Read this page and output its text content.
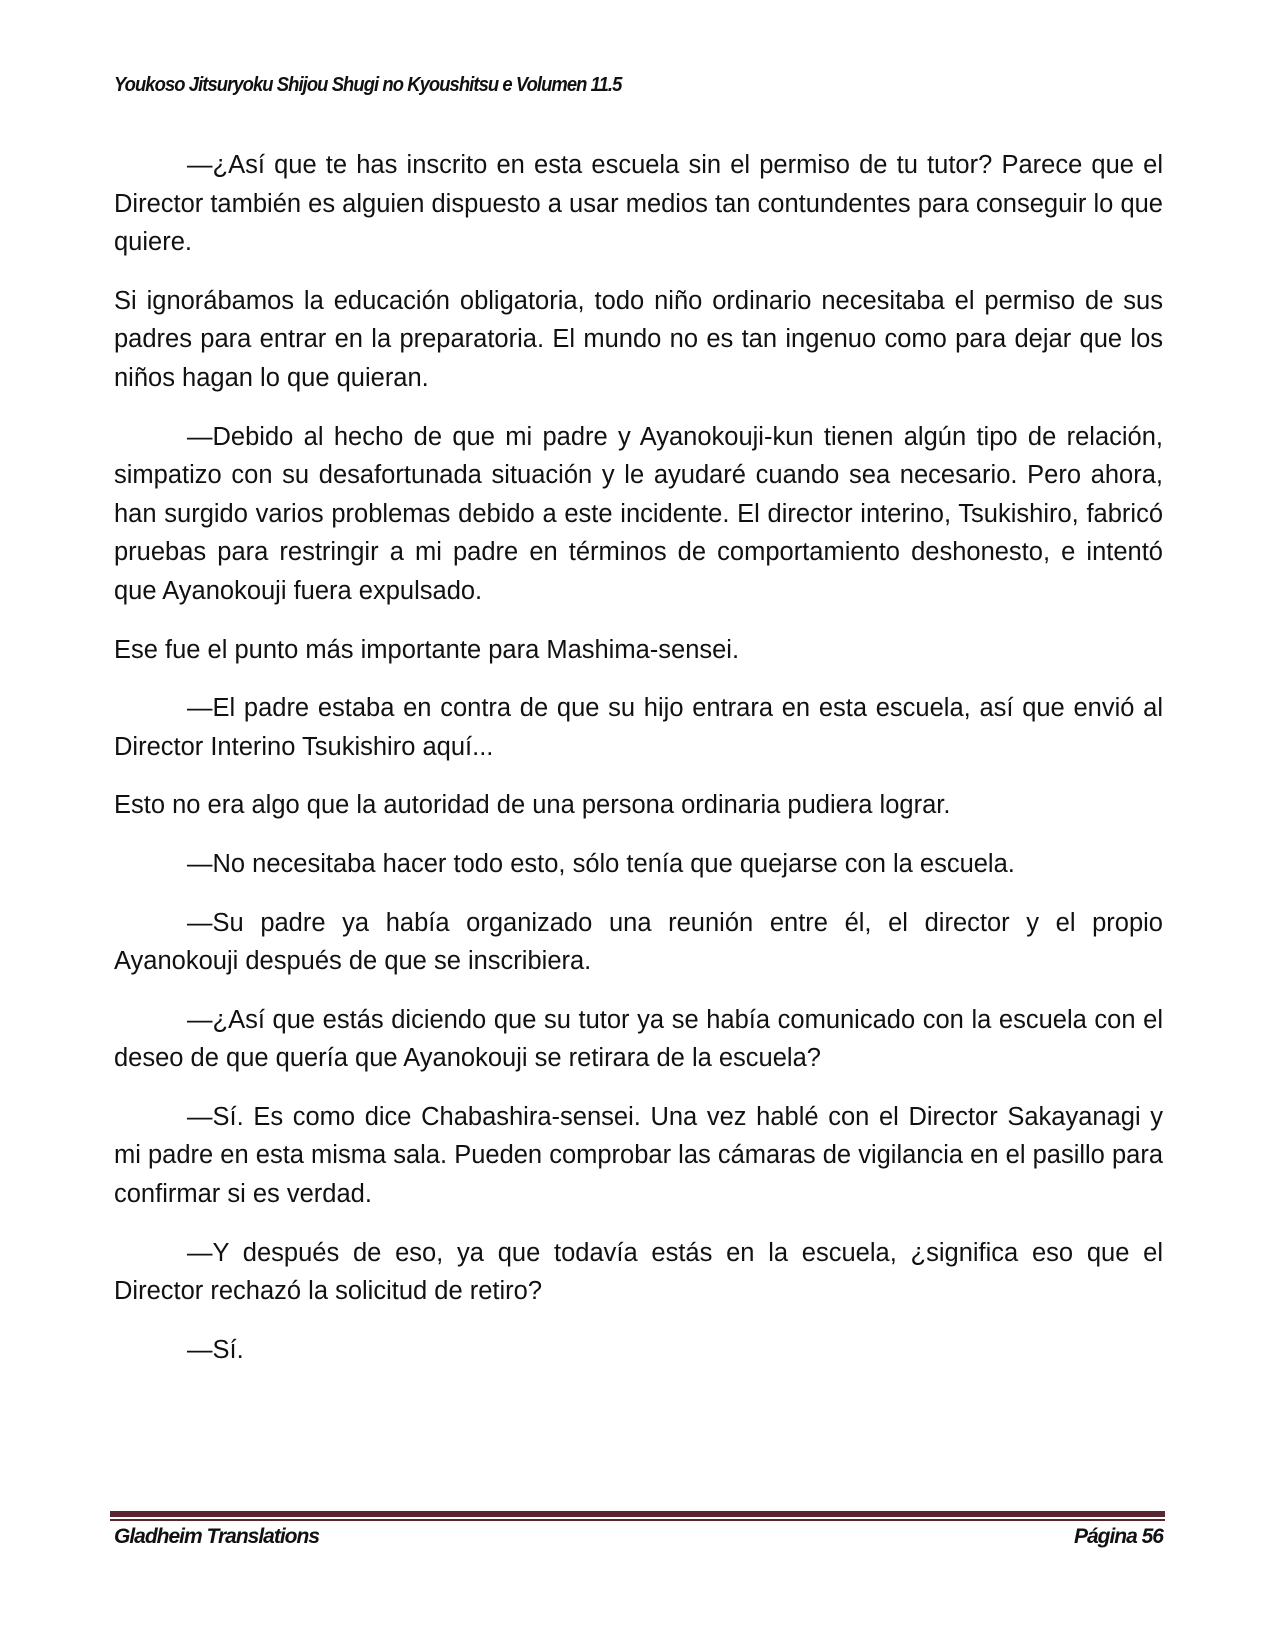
Youkoso Jitsuryoku Shijou Shugi no Kyoushitsu e Volumen 11.5

—¿Así que te has inscrito en esta escuela sin el permiso de tu tutor? Parece que el Director también es alguien dispuesto a usar medios tan contundentes para conseguir lo que quiere.

Si ignorábamos la educación obligatoria, todo niño ordinario necesitaba el permiso de sus padres para entrar en la preparatoria. El mundo no es tan ingenuo como para dejar que los niños hagan lo que quieran.

—Debido al hecho de que mi padre y Ayanokouji-kun tienen algún tipo de relación, simpatizo con su desafortunada situación y le ayudaré cuando sea necesario. Pero ahora, han surgido varios problemas debido a este incidente. El director interino, Tsukishiro, fabricó pruebas para restringir a mi padre en términos de comportamiento deshonesto, e intentó que Ayanokouji fuera expulsado.

Ese fue el punto más importante para Mashima-sensei.

—El padre estaba en contra de que su hijo entrara en esta escuela, así que envió al Director Interino Tsukishiro aquí...

Esto no era algo que la autoridad de una persona ordinaria pudiera lograr.

—No necesitaba hacer todo esto, sólo tenía que quejarse con la escuela.

—Su padre ya había organizado una reunión entre él, el director y el propio Ayanokouji después de que se inscribiera.

—¿Así que estás diciendo que su tutor ya se había comunicado con la escuela con el deseo de que quería que Ayanokouji se retirara de la escuela?

—Sí. Es como dice Chabashira-sensei. Una vez hablé con el Director Sakayanagi y mi padre en esta misma sala. Pueden comprobar las cámaras de vigilancia en el pasillo para confirmar si es verdad.

—Y después de eso, ya que todavía estás en la escuela, ¿significa eso que el Director rechazó la solicitud de retiro?

—Sí.

Gladheim Translations	Página 56
